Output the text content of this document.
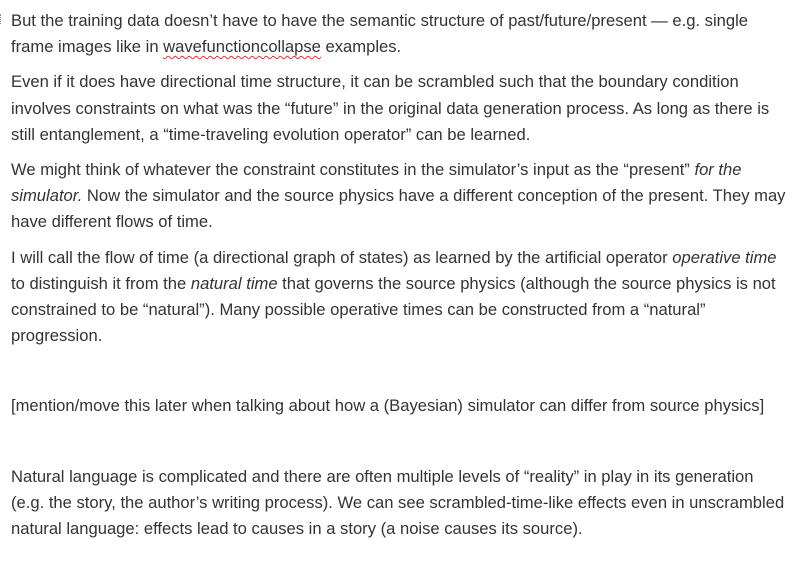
But the training data doesn’t have to have the semantic structure of past/future/present — e.g. single frame images like in wavefunctioncollapse examples.

Even if it does have directional time structure, it can be scrambled such that the boundary condition involves constraints on what was the “future” in the original data generation process. As long as there is still entanglement, a “time-traveling evolution operator” can be learned.

We might think of whatever the constraint constitutes in the simulator’s input as the “present” for the simulator. Now the simulator and the source physics have a different conception of the present. They may have different flows of time.

I will call the flow of time (a directional graph of states) as learned by the artificial operator operative time to distinguish it from the natural time that governs the source physics (although the source physics is not constrained to be “natural”). Many possible operative times can be constructed from a “natural” progression.

[mention/move this later when talking about how a (Bayesian) simulator can differ from source physics]

Natural language is complicated and there are often multiple levels of “reality” in play in its generation (e.g. the story, the author’s writing process). We can see scrambled-time-like effects even in unscrambled natural language: effects lead to causes in a story (a noise causes its source).
